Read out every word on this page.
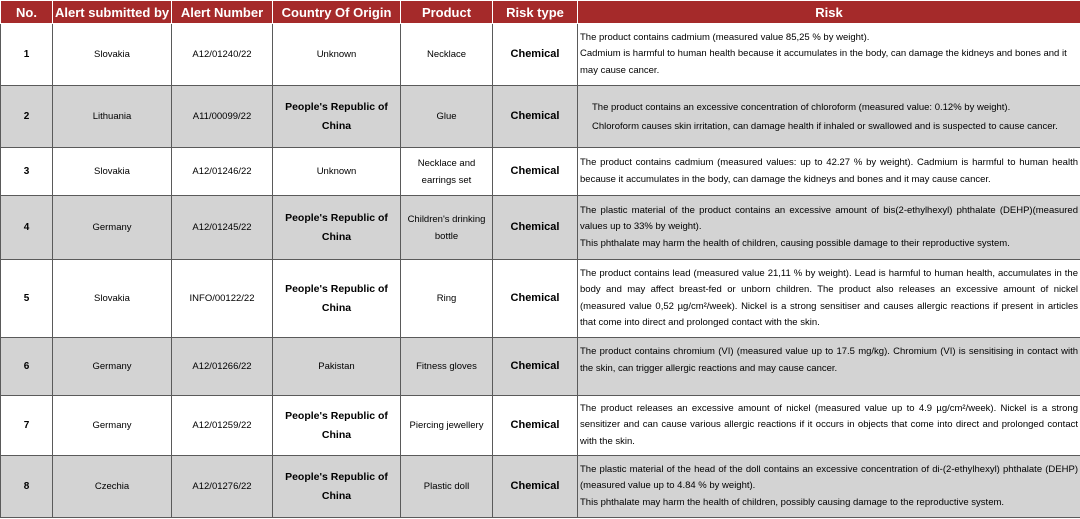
No.	Alert submitted by	Alert Number	Country Of Origin	Product	Risk type	Risk
1	Slovakia	A12/01240/22	Unknown	Necklace	Chemical	The product contains cadmium (measured value 85,25 % by weight).

Cadmium is harmful to human health because it accumulates in the body, can damage the kidneys and bones and it may cause cancer.

2	Lithuania	A11/00099/22	People's Republic of China	Glue	Chemical	The product contains an excessive concentration of chloroform (measured value: 0.12% by weight).

Chloroform causes skin irritation, can damage health if inhaled or swallowed and is suspected to cause cancer.

3	Slovakia	A12/01246/22	Unknown	Necklace and earrings set	Chemical	The product contains cadmium (measured values: up to 42.27 % by weight). Cadmium is harmful to human health because it accumulates in the body, can damage the kidneys and bones and it may cause cancer.

4	Germany	A12/01245/22	People's Republic of China	Children's drinking bottle	Chemical	The plastic material of the product contains an excessive amount of bis(2-ethylhexyl) phthalate (DEHP)(measured values up to 33% by weight).

This phthalate may harm the health of children, causing possible damage to their reproductive system.

5	Slovakia	INFO/00122/22	People's Republic of China	Ring	Chemical	The product contains lead (measured value 21,11 % by weight). Lead is harmful to human health, accumulates in the body and may affect breast-fed or unborn children. The product also releases an excessive amount of nickel (measured value 0,52 µg/cm²/week). Nickel is a strong sensitiser and causes allergic reactions if present in articles that come into direct and prolonged contact with the skin.

6	Germany	A12/01266/22	Pakistan	Fitness gloves	Chemical	The product contains chromium (VI) (measured value up to 17.5 mg/kg). Chromium (VI) is sensitising in contact with the skin, can trigger allergic reactions and may cause cancer.

7	Germany	A12/01259/22	People's Republic of China	Piercing jewellery	Chemical	The product releases an excessive amount of nickel (measured value up to 4.9 µg/cm²/week). Nickel is a strong sensitizer and can cause various allergic reactions if it occurs in objects that come into direct and prolonged contact with the skin.

8	Czechia	A12/01276/22	People's Republic of China	Plastic doll	Chemical	The plastic material of the head of the doll contains an excessive concentration of di-(2-ethylhexyl) phthalate (DEHP) (measured value up to 4.84 % by weight).

This phthalate may harm the health of children, possibly causing damage to the reproductive system.
